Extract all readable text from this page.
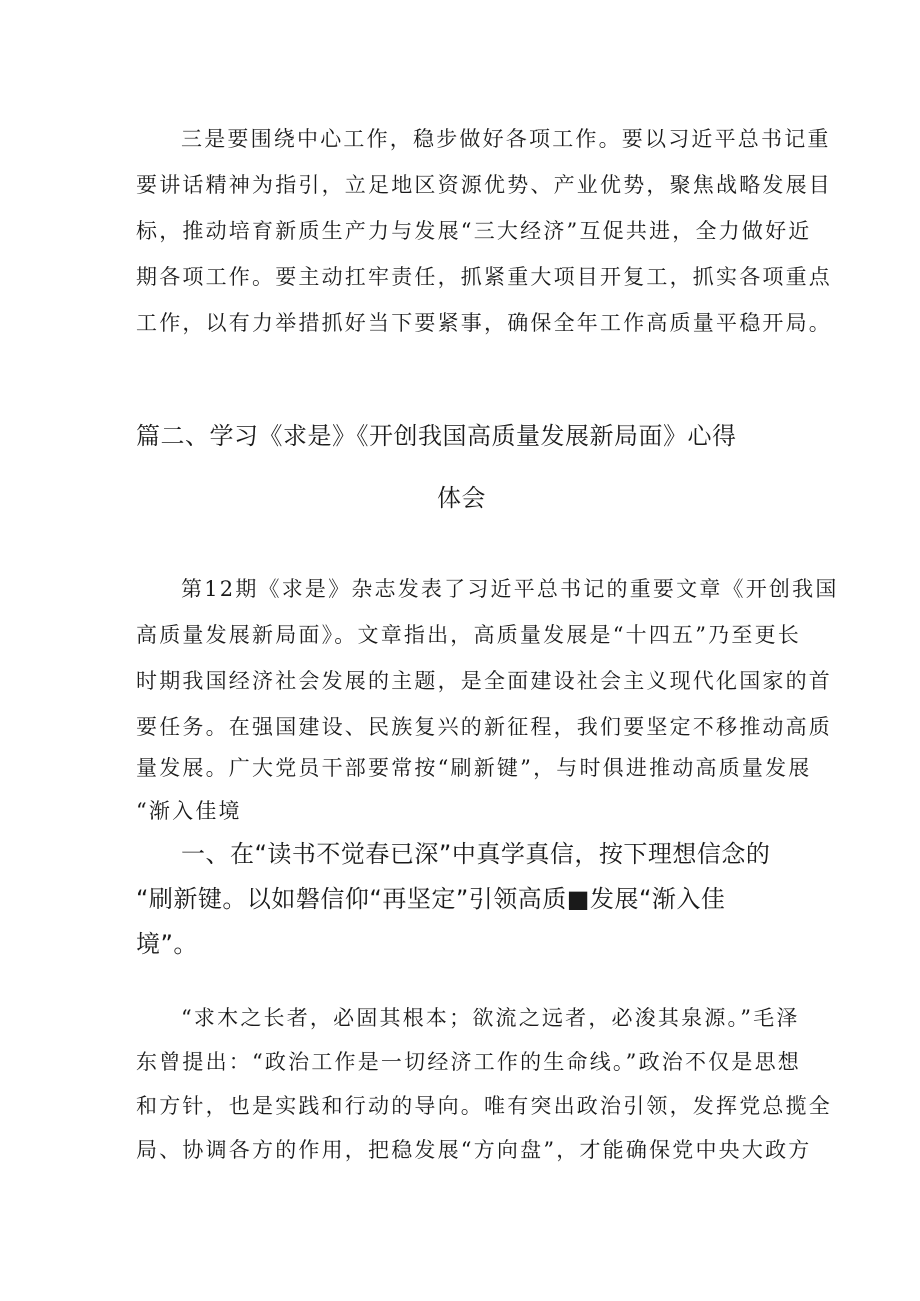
三是要围绕中心工作，稳步做好各项工作。要以习近平总书记重

要讲话精神为指引，立足地区资源优势、产业优势，聚焦战略发展目

标，推动培育新质生产力与发展“三大经济”互促共进，全力做好近

期各项工作。要主动扛牢责任，抓紧重大项目开复工，抓实各项重点

工作，以有力举措抓好当下要紧事，确保全年工作高质量平稳开局。

篇二、学习《求是》《开创我国高质量发展新局面》心得

体会

第12期《求是》杂志发表了习近平总书记的重要文章《开创我国

高质量发展新局面》。文章指出，高质量发展是“十四五”乃至更长

时期我国经济社会发展的主题，是全面建设社会主义现代化国家的首

要任务。在强国建设、民族复兴的新征程，我们要坚定不移推动高质

量发展。广大党员干部要常按“刷新键”，与时俱进推动高质量发展

“渐入佳境

一、在“读书不觉春已深”中真学真信，按下理想信念的

“刷新键。以如磐信仰“再坚定”引领高质■发展“渐入佳

境”。

“求木之长者，必固其根本；欲流之远者，必浚其泉源。”毛泽

东曾提出：“政治工作是一切经济工作的生命线。”政治不仅是思想

和方针，也是实践和行动的导向。唯有突出政治引领，发挥党总揽全

局、协调各方的作用，把稳发展“方向盘”，才能确保党中央大政方
